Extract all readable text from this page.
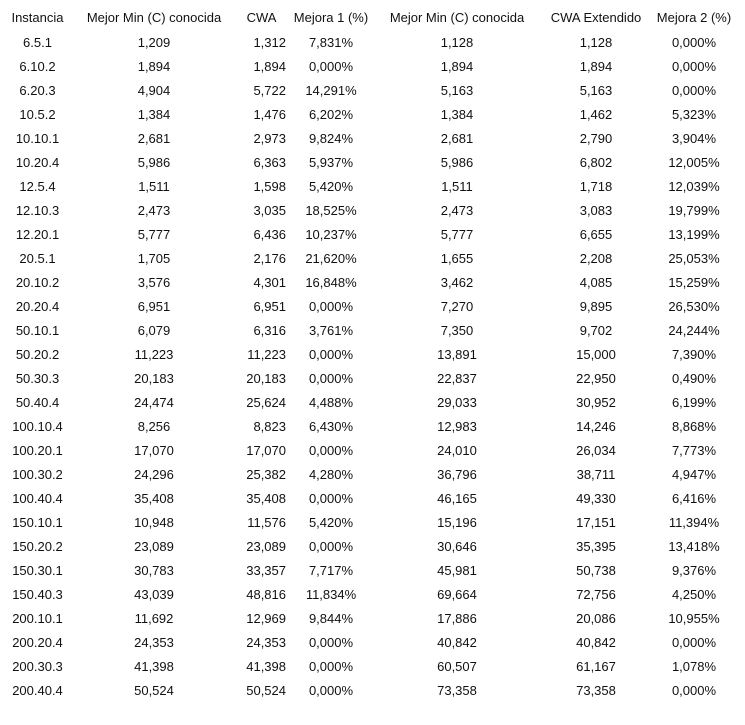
Instancia	Mejor Min (C) conocida	CWA	Mejora 1 (%)	Mejor Min (C) conocida	CWA Extendido	Mejora 2 (%)
6.5.1	1,209	1,312	7,831%	1,128	1,128	0,000%
6.10.2	1,894	1,894	0,000%	1,894	1,894	0,000%
6.20.3	4,904	5,722	14,291%	5,163	5,163	0,000%
10.5.2	1,384	1,476	6,202%	1,384	1,462	5,323%
10.10.1	2,681	2,973	9,824%	2,681	2,790	3,904%
10.20.4	5,986	6,363	5,937%	5,986	6,802	12,005%
12.5.4	1,511	1,598	5,420%	1,511	1,718	12,039%
12.10.3	2,473	3,035	18,525%	2,473	3,083	19,799%
12.20.1	5,777	6,436	10,237%	5,777	6,655	13,199%
20.5.1	1,705	2,176	21,620%	1,655	2,208	25,053%
20.10.2	3,576	4,301	16,848%	3,462	4,085	15,259%
20.20.4	6,951	6,951	0,000%	7,270	9,895	26,530%
50.10.1	6,079	6,316	3,761%	7,350	9,702	24,244%
50.20.2	11,223	11,223	0,000%	13,891	15,000	7,390%
50.30.3	20,183	20,183	0,000%	22,837	22,950	0,490%
50.40.4	24,474	25,624	4,488%	29,033	30,952	6,199%
100.10.4	8,256	8,823	6,430%	12,983	14,246	8,868%
100.20.1	17,070	17,070	0,000%	24,010	26,034	7,773%
100.30.2	24,296	25,382	4,280%	36,796	38,711	4,947%
100.40.4	35,408	35,408	0,000%	46,165	49,330	6,416%
150.10.1	10,948	11,576	5,420%	15,196	17,151	11,394%
150.20.2	23,089	23,089	0,000%	30,646	35,395	13,418%
150.30.1	30,783	33,357	7,717%	45,981	50,738	9,376%
150.40.3	43,039	48,816	11,834%	69,664	72,756	4,250%
200.10.1	11,692	12,969	9,844%	17,886	20,086	10,955%
200.20.4	24,353	24,353	0,000%	40,842	40,842	0,000%
200.30.3	41,398	41,398	0,000%	60,507	61,167	1,078%
200.40.4	50,524	50,524	0,000%	73,358	73,358	0,000%
